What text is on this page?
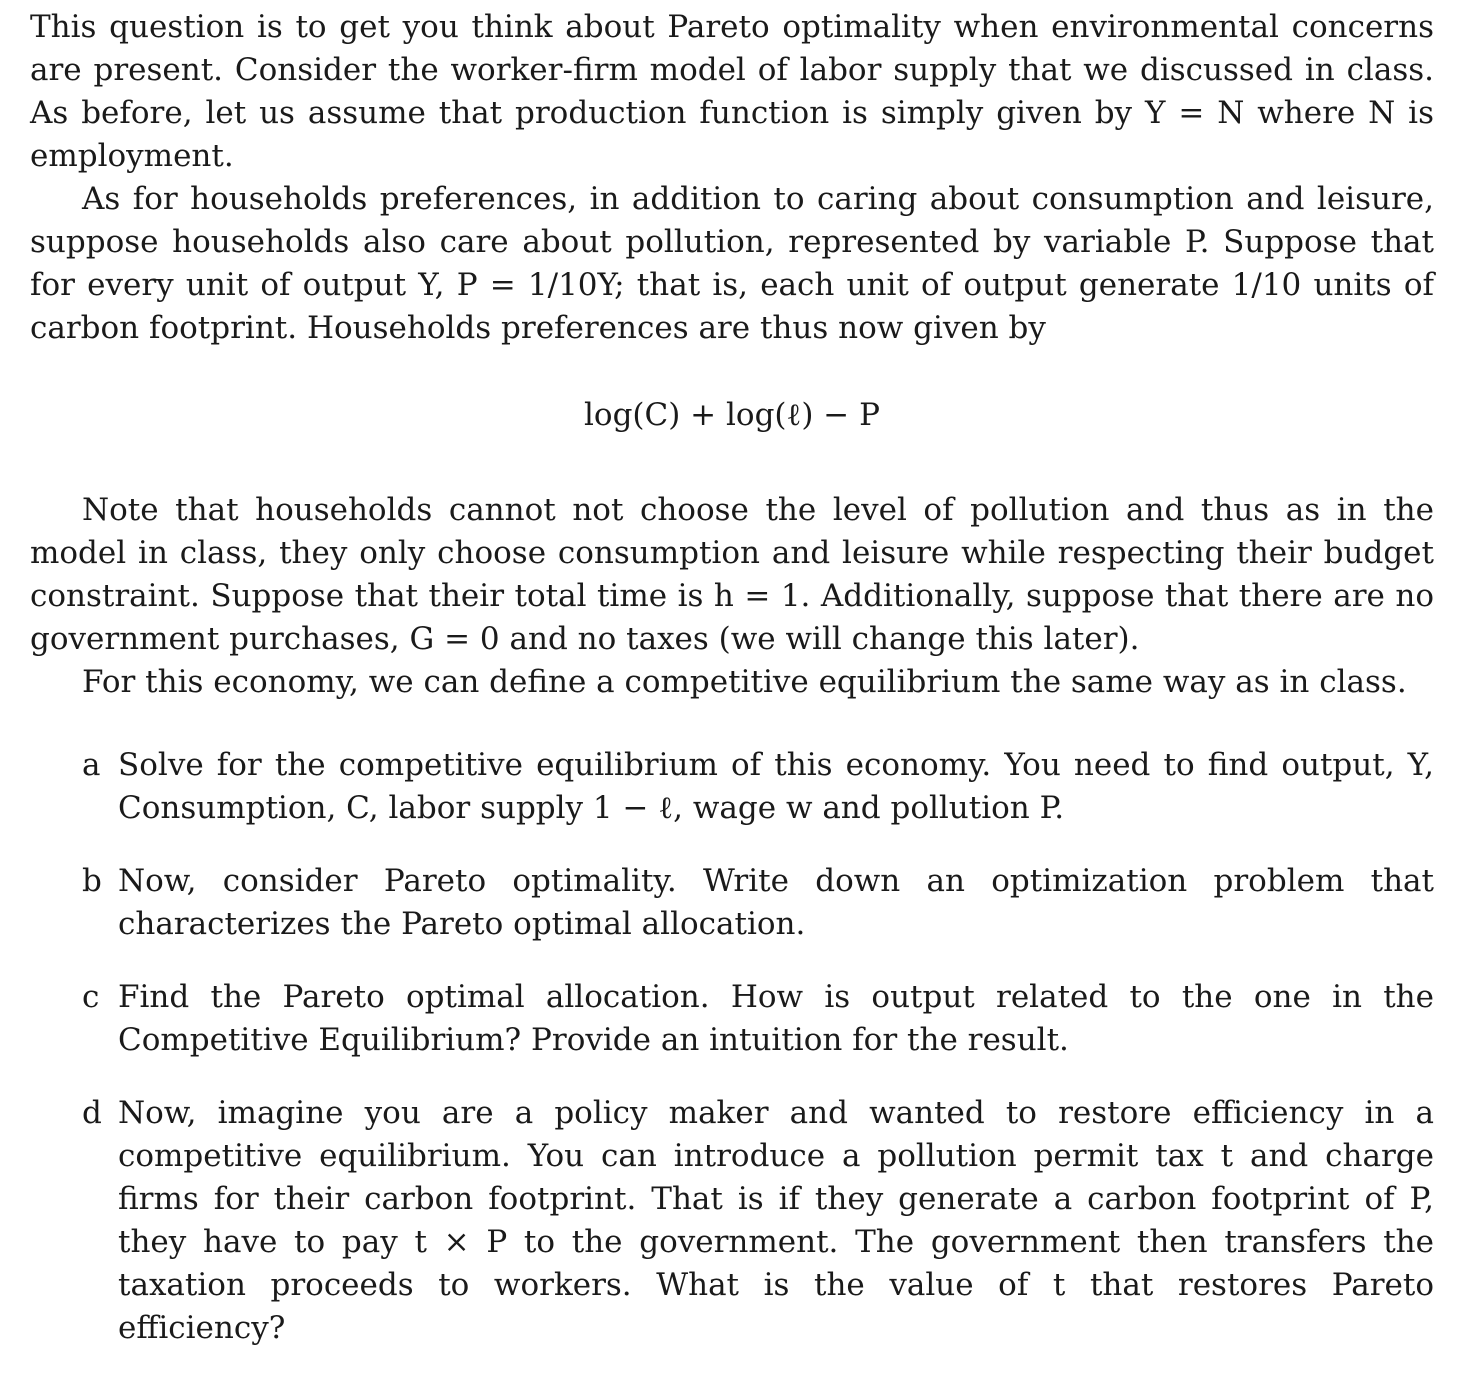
This question is to get you think about Pareto optimality when environmental concerns are present. Consider the worker-firm model of labor supply that we discussed in class. As before, let us assume that production function is simply given by Y = N where N is employment.

As for households preferences, in addition to caring about consumption and leisure, suppose households also care about pollution, represented by variable P. Suppose that for every unit of output Y, P = 1/10Y; that is, each unit of output generate 1/10 units of carbon footprint. Households preferences are thus now given by

log(C) + log(ℓ) − P

Note that households cannot not choose the level of pollution and thus as in the model in class, they only choose consumption and leisure while respecting their budget constraint. Suppose that their total time is h = 1. Additionally, suppose that there are no government purchases, G = 0 and no taxes (we will change this later).

For this economy, we can define a competitive equilibrium the same way as in class.

a Solve for the competitive equilibrium of this economy. You need to find output, Y, Consumption, C, labor supply 1 − ℓ, wage w and pollution P.
b Now, consider Pareto optimality. Write down an optimization problem that characterizes the Pareto optimal allocation.
c Find the Pareto optimal allocation. How is output related to the one in the Competitive Equilibrium? Provide an intuition for the result.
d Now, imagine you are a policy maker and wanted to restore efficiency in a competitive equilibrium. You can introduce a pollution permit tax t and charge firms for their carbon footprint. That is if they generate a carbon footprint of P, they have to pay t × P to the government. The government then transfers the taxation proceeds to workers. What is the value of t that restores Pareto efficiency?
